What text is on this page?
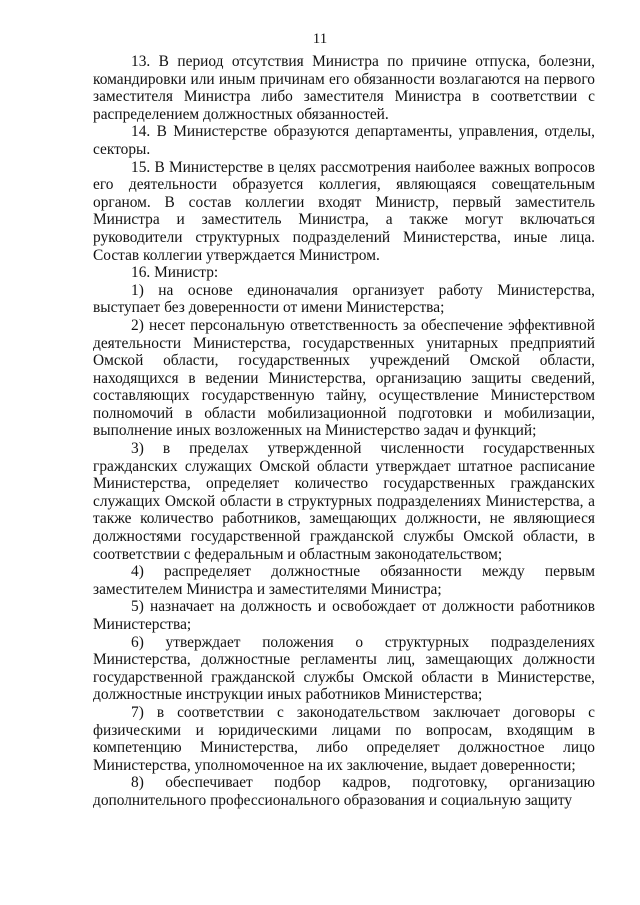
11

13. В период отсутствия Министра по причине отпуска, болезни, командировки или иным причинам его обязанности возлагаются на первого заместителя Министра либо заместителя Министра в соответствии с распределением должностных обязанностей.

14. В Министерстве образуются департаменты, управления, отделы, секторы.

15. В Министерстве в целях рассмотрения наиболее важных вопросов его деятельности образуется коллегия, являющаяся совещательным органом. В состав коллегии входят Министр, первый заместитель Министра и заместитель Министра, а также могут включаться руководители структурных подразделений Министерства, иные лица. Состав коллегии утверждается Министром.

16. Министр:

1) на основе единоначалия организует работу Министерства, выступает без доверенности от имени Министерства;

2) несет персональную ответственность за обеспечение эффективной деятельности Министерства, государственных унитарных предприятий Омской области, государственных учреждений Омской области, находящихся в ведении Министерства, организацию защиты сведений, составляющих государственную тайну, осуществление Министерством полномочий в области мобилизационной подготовки и мобилизации, выполнение иных возложенных на Министерство задач и функций;

3) в пределах утвержденной численности государственных гражданских служащих Омской области утверждает штатное расписание Министерства, определяет количество государственных гражданских служащих Омской области в структурных подразделениях Министерства, а также количество работников, замещающих должности, не являющиеся должностями государственной гражданской службы Омской области, в соответствии с федеральным и областным законодательством;

4) распределяет должностные обязанности между первым заместителем Министра и заместителями Министра;

5) назначает на должность и освобождает от должности работников Министерства;

6) утверждает положения о структурных подразделениях Министерства, должностные регламенты лиц, замещающих должности государственной гражданской службы Омской области в Министерстве, должностные инструкции иных работников Министерства;

7) в соответствии с законодательством заключает договоры с физическими и юридическими лицами по вопросам, входящим в компетенцию Министерства, либо определяет должностное лицо Министерства, уполномоченное на их заключение, выдает доверенности;

8) обеспечивает подбор кадров, подготовку, организацию дополнительного профессионального образования и социальную защиту
